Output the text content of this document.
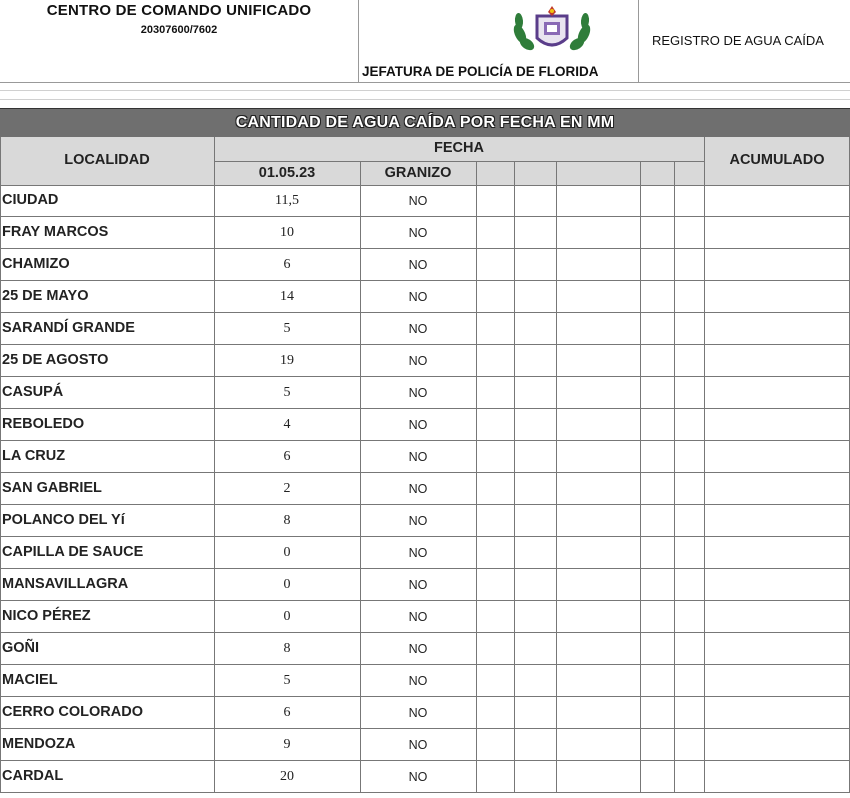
CENTRO DE COMANDO UNIFICADO
20307600/7602
JEFATURA DE POLICÍA DE FLORIDA
REGISTRO DE AGUA CAÍDA
CANTIDAD DE AGUA CAÍDA POR FECHA EN MM
LOCALIDAD
FECHA
01.05.23	GRANIZO
ACUMULADO
CIUDAD	11,5	NO
FRAY MARCOS	10	NO
CHAMIZO	6	NO
25 DE MAYO	14	NO
SARANDÍ GRANDE	5	NO
25 DE AGOSTO	19	NO
CASUPÁ	5	NO
REBOLEDO	4	NO
LA CRUZ	6	NO
SAN GABRIEL	2	NO
POLANCO DEL Yí	8	NO
CAPILLA DE SAUCE	0	NO
MANSAVILLAGRA	0	NO
NICO PÉREZ	0	NO
GOÑI	8	NO
MACIEL	5	NO
CERRO COLORADO	6	NO
MENDOZA	9	NO
CARDAL	20	NO
